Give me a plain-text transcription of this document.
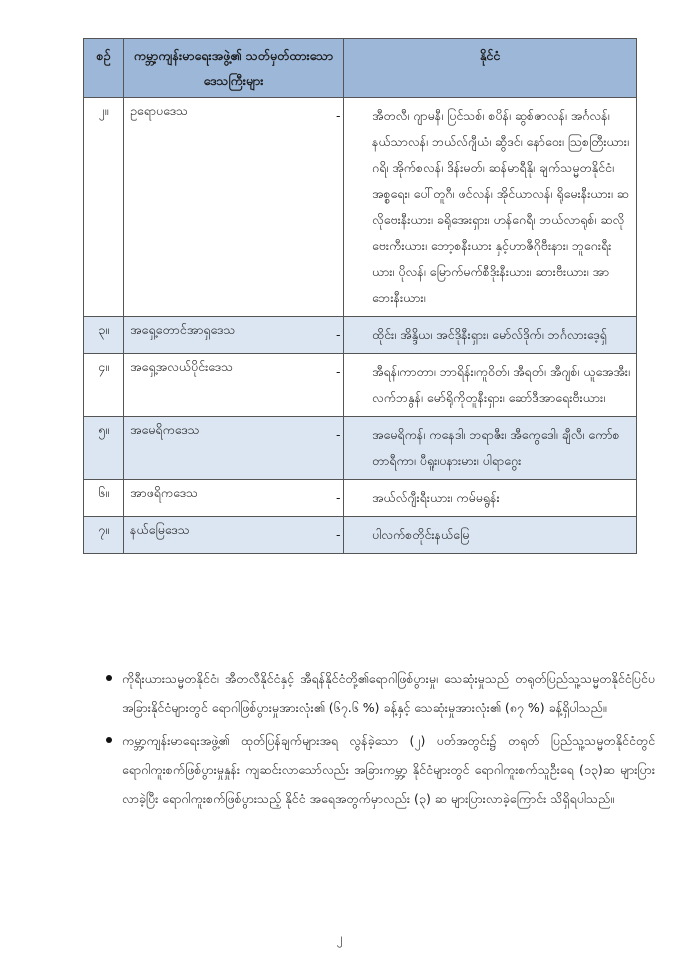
စဉ်	ကမ္ဘာ့ကျန်းမာရေးအဖွဲ့၏ သတ်မှတ်ထားသော ဒေသကြီးများ	နိုင်ငံ
၂။	ဥရောပဒေသ	- အီတလီ၊ ဂျာမနီ၊ ပြင်သစ်၊ စပိန်၊ ဆွစ်ဇာလန်၊ အင်္ဂလန်၊ နယ်သာလန်၊ ဘယ်လ်ဂျီယံ၊ ဆွီဒင်၊ နော်ဝေး၊ ဩစတြီးယား၊ ဂရိ၊ အိုက်စလန်၊ ဒိန်းမတ်၊ ဆန်မာရီနို၊ ချက်သမ္မတနိုင်ငံ၊ အစ္စရေး၊ ပေါ်တူဂီ၊ ဖင်လန်၊ အိုင်ယာလန်၊ ရိုမေးနီးယား၊ ဆလိုဗေးနီးယား၊ ခရိုအေးရှား၊ ဟန်ဂေရီ၊ ဘယ်လာရုစ်၊ ဆလိုဗေးကီးယား၊ ဘော့စနီးယား နှင့်ဟာဇီဂိုဗီးနား၊ ဘူဂေးရီးယား၊ ပိုလန်၊ မြောက်မက်စီဒိုးနီးယား၊ ဆားဗီးယား၊ အာဘေးနီးယား၊
၃။	အရှေ့တောင်အာရှဒေသ	- ထိုင်း၊ အိန္ဒိယ၊ အင်ဒိုနီးရှား၊ မော်လ်ဒိုက်၊ ဘင်္ဂလားဒေ့ရှ်
၄။	အရှေ့အလယ်ပိုင်းဒေသ	- အီရန်၊ကာတာ၊ ဘာရိန်း၊ကူဝိတ်၊ အီရတ်၊ အီဂျစ်၊ ယူအေအီး၊ လက်ဘနွန်၊ မော်ရိုကိုတူနီးရှား၊ ဆော်ဒီအာရေးဗီးယား၊
၅။	အမေရိကဒေသ	- အမေရိကန်၊ ကနေဒါ၊ ဘရာဇီး၊ အီကွေဒေါ၊ ချီလီ၊ ကော်စတာရီကာ၊ ပီရူး၊ပနားမား၊ ပါရာဂွေး
၆။	အာဖရိကဒေသ	- အယ်လ်ဂျီးရီးယား၊ ကမ်မရွန်း
၇။	နယ်မြေဒေသ	- ပါလက်စတိုင်းနယ်မြေ
ကိုရီးယားသမ္မတနိုင်ငံ၊ အီတလီနိုင်ငံနှင့် အီရန်နိုင်ငံတို့၏ရောဂါဖြစ်ပွားမှု၊ သေဆုံးမှုသည် တရုတ်ပြည်သူ့သမ္မတနိုင်ငံပြင်ပ အခြားနိုင်ငံများတွင် ရောဂါဖြစ်ပွားမှုအားလုံး၏ (၆၇.၆ %) ခန့်နှင့် သေဆုံးမှုအားလုံး၏ (၈၇ %) ခန့်ရှိပါသည်။
ကမ္ဘာ့ကျန်းမာရေးအဖွဲ့၏ ထုတ်ပြန်ချက်များအရ လွန်ခဲ့သော (၂) ပတ်အတွင်း၌ တရုတ် ပြည်သူ့သမ္မတနိုင်ငံတွင် ရောဂါကူးစက်ဖြစ်ပွားမှုနှုန်း ကျဆင်းလာသော်လည်း အခြားကမ္ဘာ့ နိုင်ငံများတွင် ရောဂါကူးစက်သူဦးရေ (၁၃)ဆ များပြားလာခဲ့ပြီး ရောဂါကူးစက်ဖြစ်ပွားသည့် နိုင်ငံ အရေအတွက်မှာလည်း (၃) ဆ များပြားလာခဲ့ကြောင်း သိရှိရပါသည်။
၂
